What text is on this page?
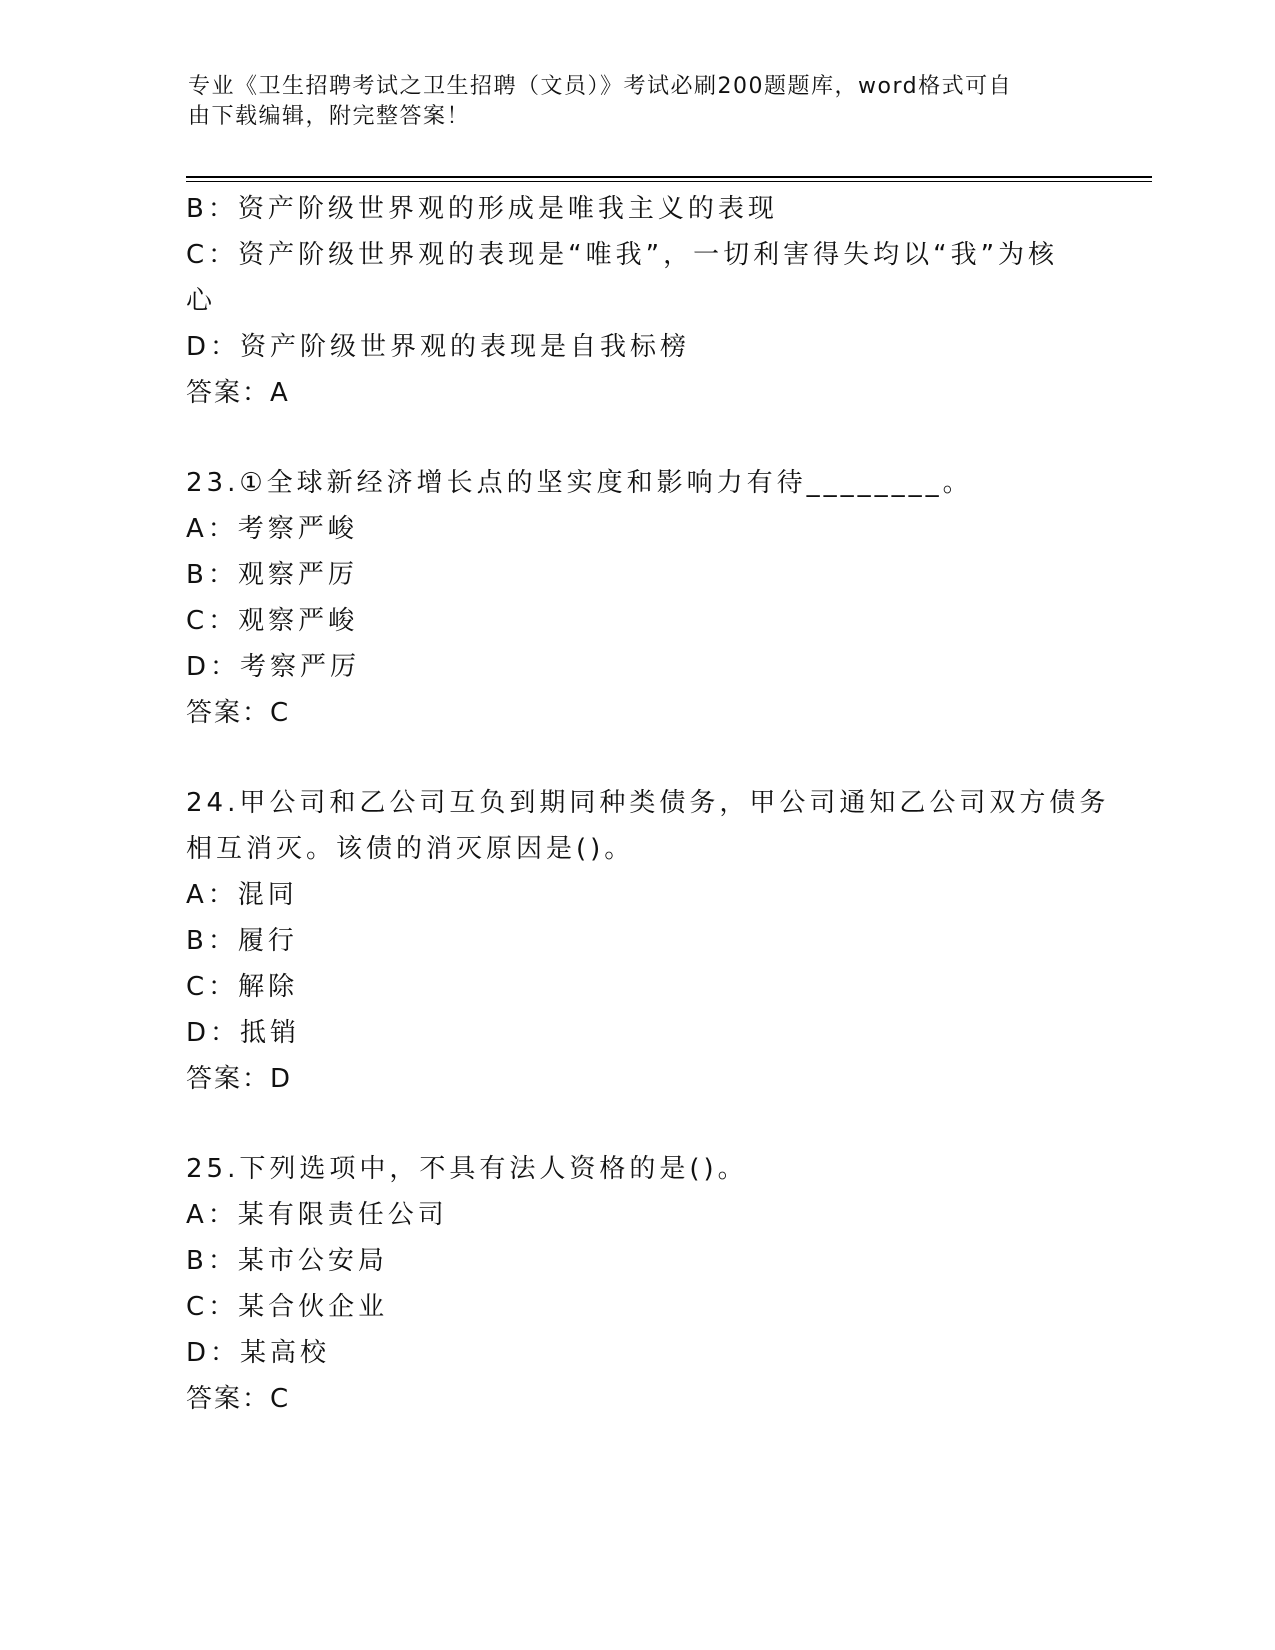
专业《卫生招聘考试之卫生招聘（文员）》考试必刷200题题库，word格式可自
由下载编辑，附完整答案！
B：资产阶级世界观的形成是唯我主义的表现
C：资产阶级世界观的表现是“唯我”，一切利害得失均以“我”为核
心
D：资产阶级世界观的表现是自我标榜
答案：A
23.①全球新经济增长点的坚实度和影响力有待________。
A：考察严峻
B：观察严厉
C：观察严峻
D：考察严厉
答案：C
24.甲公司和乙公司互负到期同种类债务，甲公司通知乙公司双方债务
相互消灭。该债的消灭原因是()。
A：混同
B：履行
C：解除
D：抵销
答案：D
25.下列选项中，不具有法人资格的是()。
A：某有限责任公司
B：某市公安局
C：某合伙企业
D：某高校
答案：C
